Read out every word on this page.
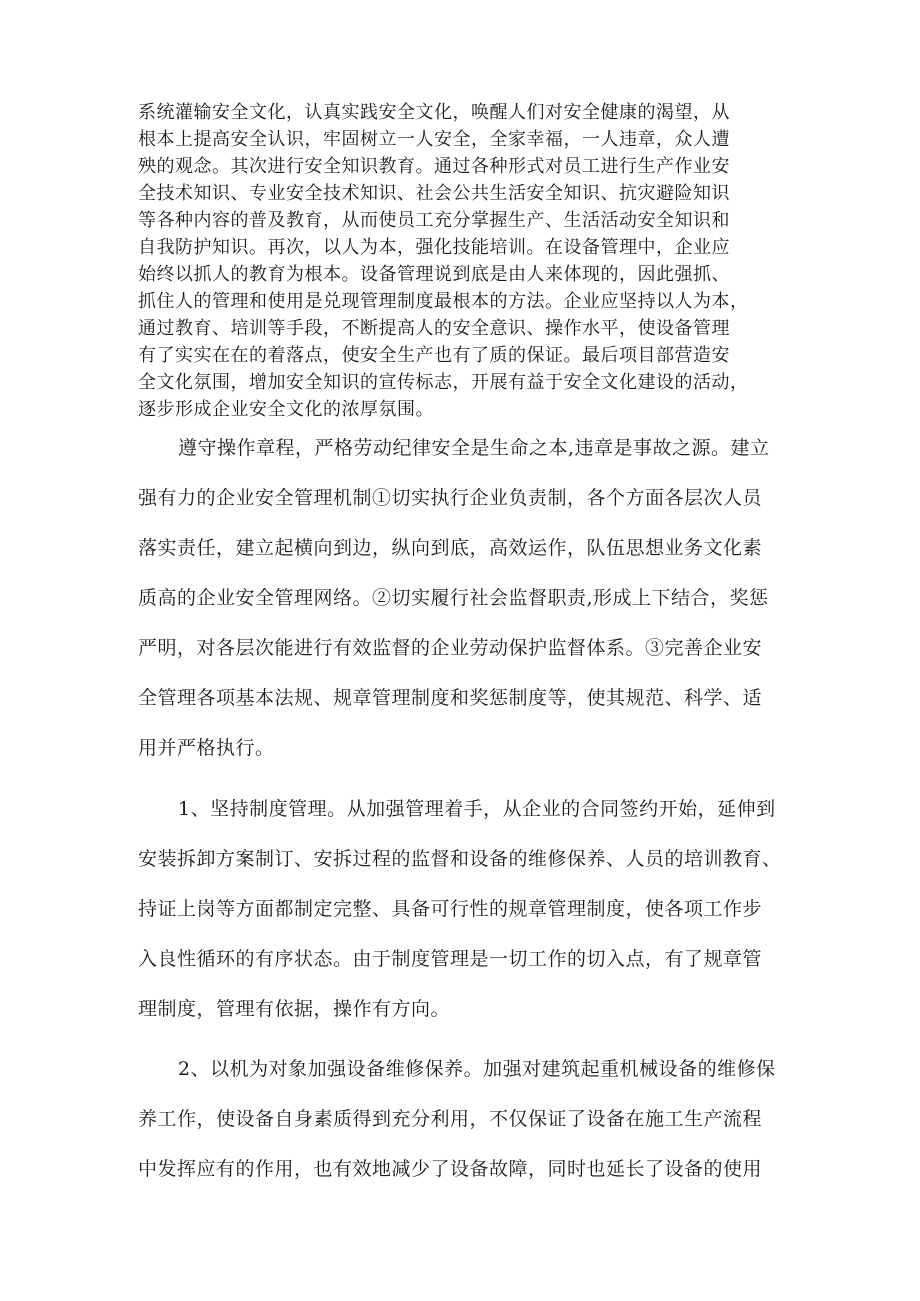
系统灌输安全文化，认真实践安全文化，唤醒人们对安全健康的渴望，从
根本上提高安全认识，牢固树立一人安全，全家幸福，一人违章，众人遭
殃的观念。其次进行安全知识教育。通过各种形式对员工进行生产作业安
全技术知识、专业安全技术知识、社会公共生活安全知识、抗灾避险知识
等各种内容的普及教育，从而使员工充分掌握生产、生活活动安全知识和
自我防护知识。再次，以人为本，强化技能培训。在设备管理中，企业应
始终以抓人的教育为根本。设备管理说到底是由人来体现的，因此强抓、
抓住人的管理和使用是兑现管理制度最根本的方法。企业应坚持以人为本，
通过教育、培训等手段，不断提高人的安全意识、操作水平，使设备管理
有了实实在在的着落点，使安全生产也有了质的保证。最后项目部营造安
全文化氛围，增加安全知识的宣传标志，开展有益于安全文化建设的活动，
逐步形成企业安全文化的浓厚氛围。
遵守操作章程，严格劳动纪律安全是生命之本,违章是事故之源。建立
强有力的企业安全管理机制①切实执行企业负责制，各个方面各层次人员
落实责任，建立起横向到边，纵向到底，高效运作，队伍思想业务文化素
质高的企业安全管理网络。②切实履行社会监督职责,形成上下结合，奖惩
严明，对各层次能进行有效监督的企业劳动保护监督体系。③完善企业安
全管理各项基本法规、规章管理制度和奖惩制度等，使其规范、科学、适
用并严格执行。
1、坚持制度管理。从加强管理着手，从企业的合同签约开始，延伸到
安装拆卸方案制订、安拆过程的监督和设备的维修保养、人员的培训教育、
持证上岗等方面都制定完整、具备可行性的规章管理制度，使各项工作步
入良性循环的有序状态。由于制度管理是一切工作的切入点，有了规章管
理制度，管理有依据，操作有方向。
2、以机为对象加强设备维修保养。加强对建筑起重机械设备的维修保
养工作，使设备自身素质得到充分利用，不仅保证了设备在施工生产流程
中发挥应有的作用，也有效地减少了设备故障，同时也延长了设备的使用
